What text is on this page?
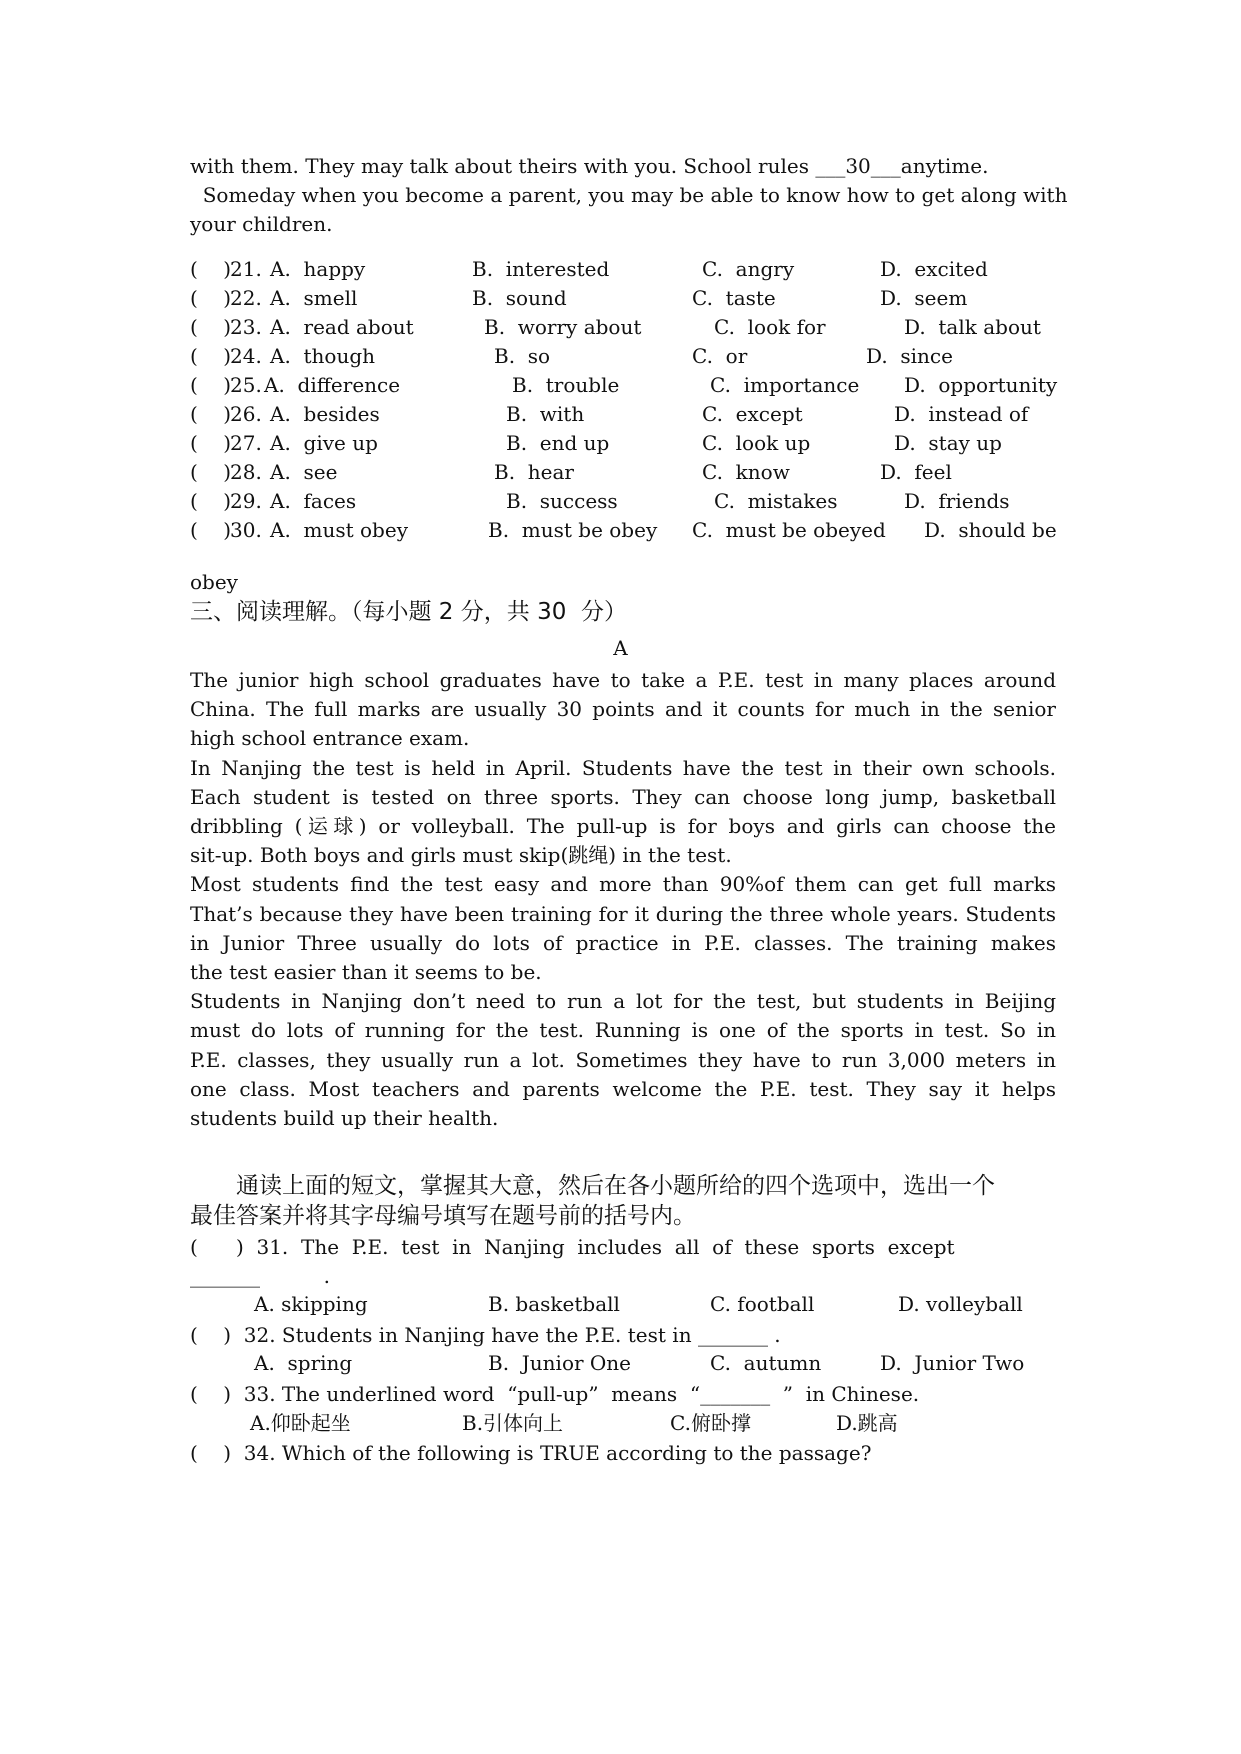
with them. They may talk about theirs with you. School rules ___30___anytime.
Someday when you become a parent, you may be able to know how to get along with
your children.
(    )
21. A.  happy	B.  interested	C.  angry	D.  excited
(    )
22. A.  smell	B.  sound	C.  taste	D.  seem
(    )
23. A.  read about	B.  worry about	C.  look for	D.  talk about
(    )
24. A.  though	B.  so	C.  or	D.  since
(    )
25. A.  difference	B.  trouble	C.  importance D.  opportunity
(    )
26. A.  besides	B.  with	C.  except	D.  instead of
(    )
27. A.  give up	B.  end up	C.  look up	D.  stay up
(    )
28. A.  see	B.  hear	C.  know	D.  feel
(    )
29. A.  faces	B.  success	C.  mistakes	D.  friends
(    )
30. A.  must obey	B.  must be obey C.  must be obeyed D.  should be
obey
三、阅读理解。（每小题 2 分，共 30  分）
A
The junior high school graduates have to take a P.E. test in many places around
China. The full marks are usually 30 points and it counts for much in the senior
high school entrance exam.
In Nanjing the test is held in April. Students have the test in their own schools.
Each student is tested on three sports. They can choose long jump, basketball
dribbling (运球) or volleyball. The pull-up is for boys and girls can choose the
sit-up. Both boys and girls must skip(跳绳) in the test.
Most students find the test easy and more than 90%of them can get full marks
That’s because they have been training for it during the three whole years. Students
in Junior Three usually do lots of practice in P.E. classes. The training makes
the test easier than it seems to be.
Students in Nanjing don’t need to run a lot for the test, but students in Beijing
must do lots of running for the test. Running is one of the sports in test. So in
P.E. classes, they usually run a lot. Sometimes they have to run 3,000 meters in
one class. Most teachers and parents welcome the P.E. test. They say it helps
students build up their health.
　　通读上面的短文，掌握其大意，然后在各小题所给的四个选项中，选出一个
最佳答案并将其字母编号填写在题号前的括号内。
(      )  31.  The  P.E.  test  in  Nanjing  includes  all  of  these  sports  except
_______          .

A. skipping

	B. basketball

	C. football

	D. volleyball

(    )  32. Students in Nanjing have the P.E. test in _______ .

A.  spring

	B.  Junior One

	C.  autumn

	D.  Junior Two

(    )  33. The underlined word  “pull-up”  means  “_______  ”  in Chinese.

A.仰卧起坐

	B.引体向上

	C.俯卧撑

	D.跳高

(    )  34. Which of the following is TRUE according to the passage?
